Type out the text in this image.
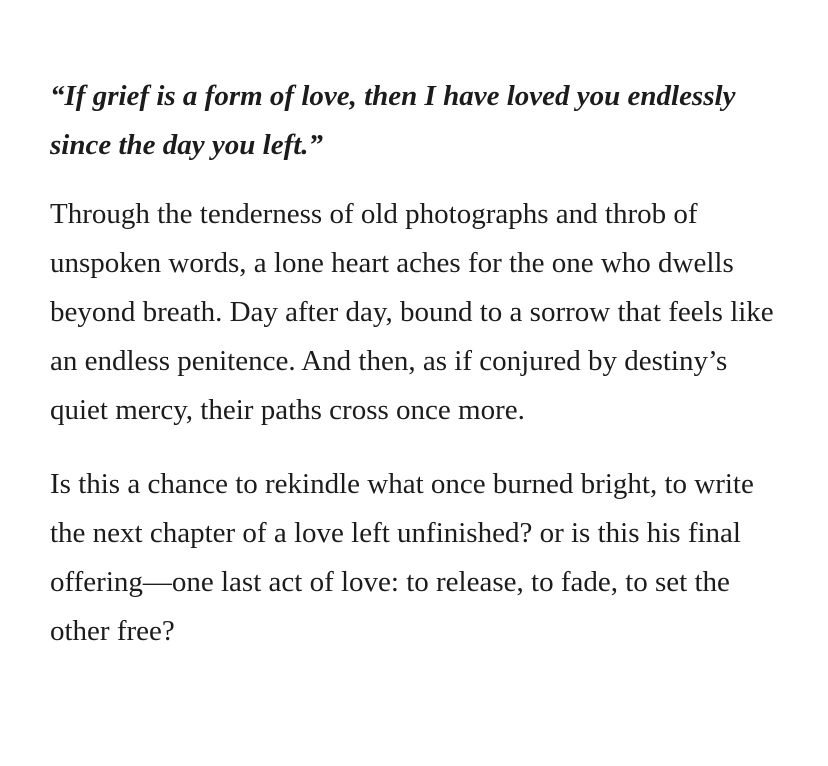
“If grief is a form of love, then I have loved you endlessly since the day you left.”

Through the tenderness of old photographs and throb of unspoken words, a lone heart aches for the one who dwells beyond breath. Day after day, bound to a sorrow that feels like an endless penitence. And then, as if conjured by destiny’s quiet mercy, their paths cross once more.

Is this a chance to rekindle what once burned bright, to write the next chapter of a love left unfinished? or is this his final offering—one last act of love: to release, to fade, to set the other free?
